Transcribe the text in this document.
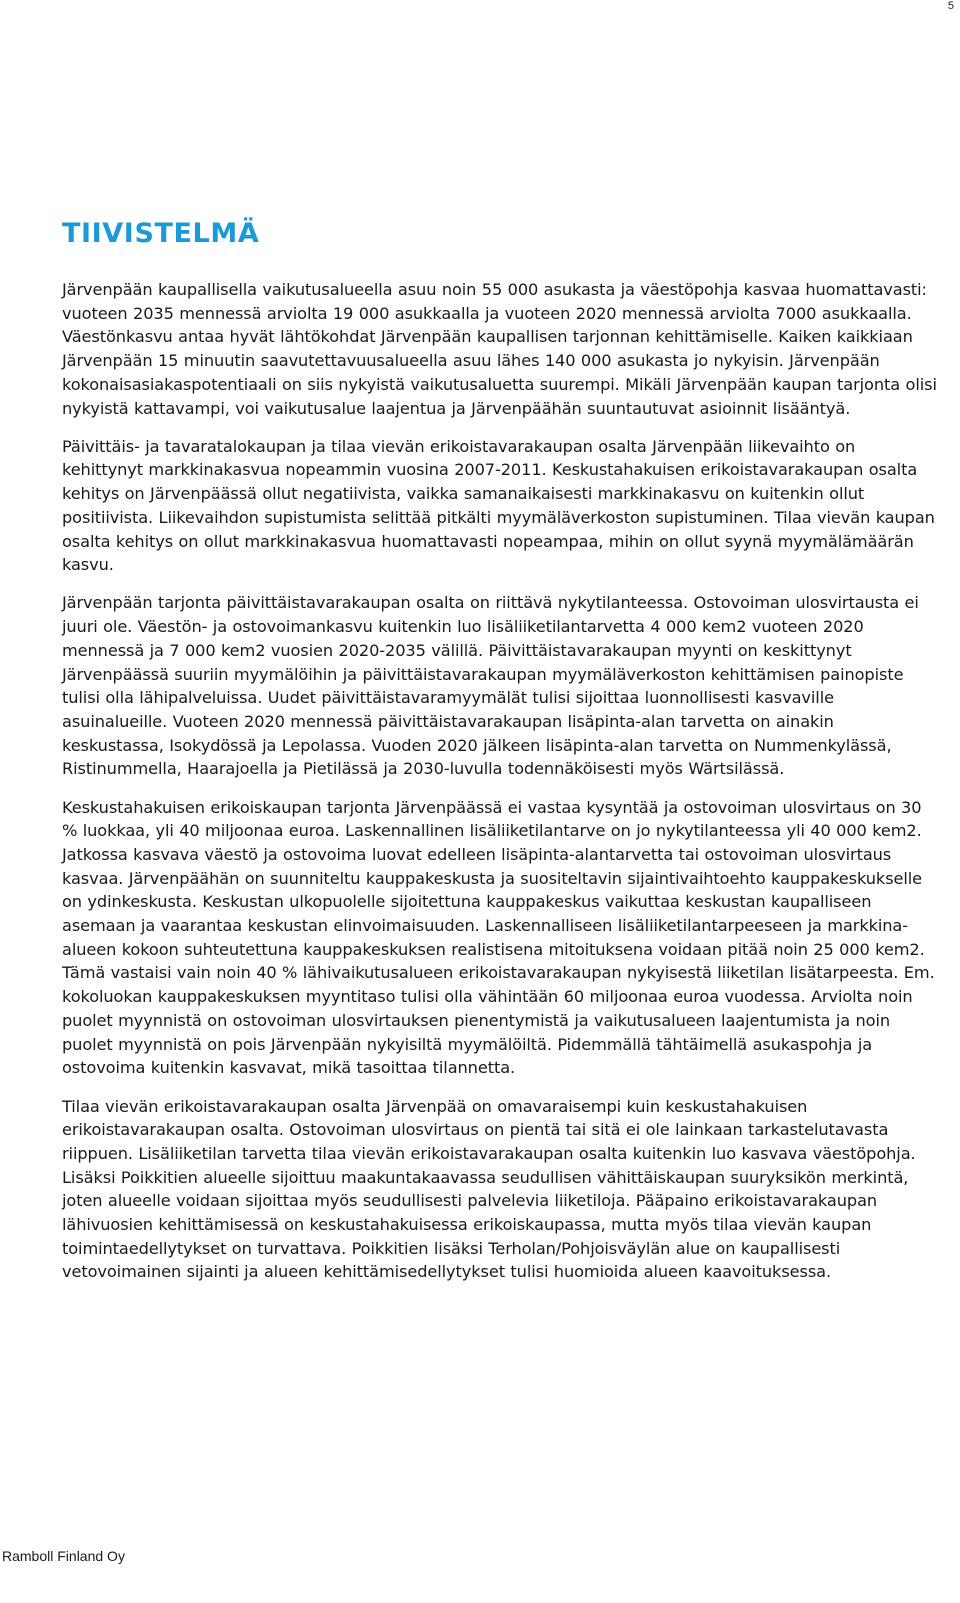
5
TIIVISTELMÄ

Järvenpään kaupallisella vaikutusalueella asuu noin 55 000 asukasta ja väestöpohja kasvaa huomattavasti: vuoteen 2035 mennessä arviolta 19 000 asukkaalla ja vuoteen 2020 mennessä arviolta 7000 asukkaalla. Väestönkasvu antaa hyvät lähtökohdat Järvenpään kaupallisen tarjonnan kehittämiselle. Kaiken kaikkiaan Järvenpään 15 minuutin saavutettavuusalueella asuu lähes 140 000 asukasta jo nykyisin. Järvenpään kokonaisasiakaspotentiaali on siis nykyistä vaikutusaluetta suurempi. Mikäli Järvenpään kaupan tarjonta olisi nykyistä kattavampi, voi vaikutusalue laajentua ja Järvenpäähän suuntautuvat asioinnit lisääntyä.

Päivittäis- ja tavaratalokaupan ja tilaa vievän erikoistavarakaupan osalta Järvenpään liikevaihto on kehittynyt markkinakasvua nopeammin vuosina 2007-2011. Keskustahakuisen erikoistavarakaupan osalta kehitys on Järvenpäässä ollut negatiivista, vaikka samanaikaisesti markkinakasvu on kuitenkin ollut positiivista. Liikevaihdon supistumista selittää pitkälti myymäläverkoston supistuminen. Tilaa vievän kaupan osalta kehitys on ollut markkinakasvua huomattavasti nopeampaa, mihin on ollut syynä myymälämäärän kasvu.

Järvenpään tarjonta päivittäistavarakaupan osalta on riittävä nykytilanteessa. Ostovoiman ulosvirtausta ei juuri ole. Väestön- ja ostovoimankasvu kuitenkin luo lisäliiketilantarvetta 4 000 kem2 vuoteen 2020 mennessä ja 7 000 kem2 vuosien 2020-2035 välillä. Päivittäistavarakaupan myynti on keskittynyt Järvenpäässä suuriin myymälöihin ja päivittäistavarakaupan myymäläverkoston kehittämisen painopiste tulisi olla lähipalveluissa. Uudet päivittäistavaramyymälät tulisi sijoittaa luonnollisesti kasvaville asuinalueille. Vuoteen 2020 mennessä päivittäistavarakaupan lisäpinta-alan tarvetta on ainakin keskustassa, Isokydössä ja Lepolassa. Vuoden 2020 jälkeen lisäpinta-alan tarvetta on Nummenkylässä, Ristinummella, Haarajoella ja Pietilässä ja 2030-luvulla todennäköisesti myös Wärtsilässä.

Keskustahakuisen erikoiskaupan tarjonta Järvenpäässä ei vastaa kysyntää ja ostovoiman ulosvirtaus on 30 % luokkaa, yli 40 miljoonaa euroa. Laskennallinen lisäliiketilantarve on jo nykytilanteessa yli 40 000 kem2. Jatkossa kasvava väestö ja ostovoima luovat edelleen lisäpinta-alantarvetta tai ostovoiman ulosvirtaus kasvaa. Järvenpäähän on suunniteltu kauppakeskusta ja suositeltavin sijaintivaihtoehto kauppakeskukselle on ydinkeskusta. Keskustan ulkopuolelle sijoitettuna kauppakeskus vaikuttaa keskustan kaupalliseen asemaan ja vaarantaa keskustan elinvoimaisuuden. Laskennalliseen lisäliiketilantarpeeseen ja markkina-alueen kokoon suhteutettuna kauppakeskuksen realistisena mitoituksena voidaan pitää noin 25 000 kem2. Tämä vastaisi vain noin 40 % lähivaikutusalueen erikoistavarakaupan nykyisestä liiketilan lisätarpeesta. Em. kokoluokan kauppakeskuksen myyntitaso tulisi olla vähintään 60 miljoonaa euroa vuodessa. Arviolta noin puolet myynnistä on ostovoiman ulosvirtauksen pienentymistä ja vaikutusalueen laajentumista ja noin puolet myynnistä on pois Järvenpään nykyisiltä myymälöiltä. Pidemmällä tähtäimellä asukaspohja ja ostovoima kuitenkin kasvavat, mikä tasoittaa tilannetta.

Tilaa vievän erikoistavarakaupan osalta Järvenpää on omavaraisempi kuin keskustahakuisen erikoistavarakaupan osalta. Ostovoiman ulosvirtaus on pientä tai sitä ei ole lainkaan tarkastelutavasta riippuen. Lisäliiketilan tarvetta tilaa vievän erikoistavarakaupan osalta kuitenkin luo kasvava väestöpohja. Lisäksi Poikkitien alueelle sijoittuu maakuntakaavassa seudullisen vähittäiskaupan suuryksikön merkintä, joten alueelle voidaan sijoittaa myös seudullisesti palvelevia liiketiloja. Pääpaino erikoistavarakaupan lähivuosien kehittämisessä on keskustahakuisessa erikoiskaupassa, mutta myös tilaa vievän kaupan toimintaedellytykset on turvattava. Poikkitien lisäksi Terholan/Pohjoisväylän alue on kaupallisesti vetovoimainen sijainti ja alueen kehittämisedellytykset tulisi huomioida alueen kaavoituksessa.

Ramboll Finland Oy
